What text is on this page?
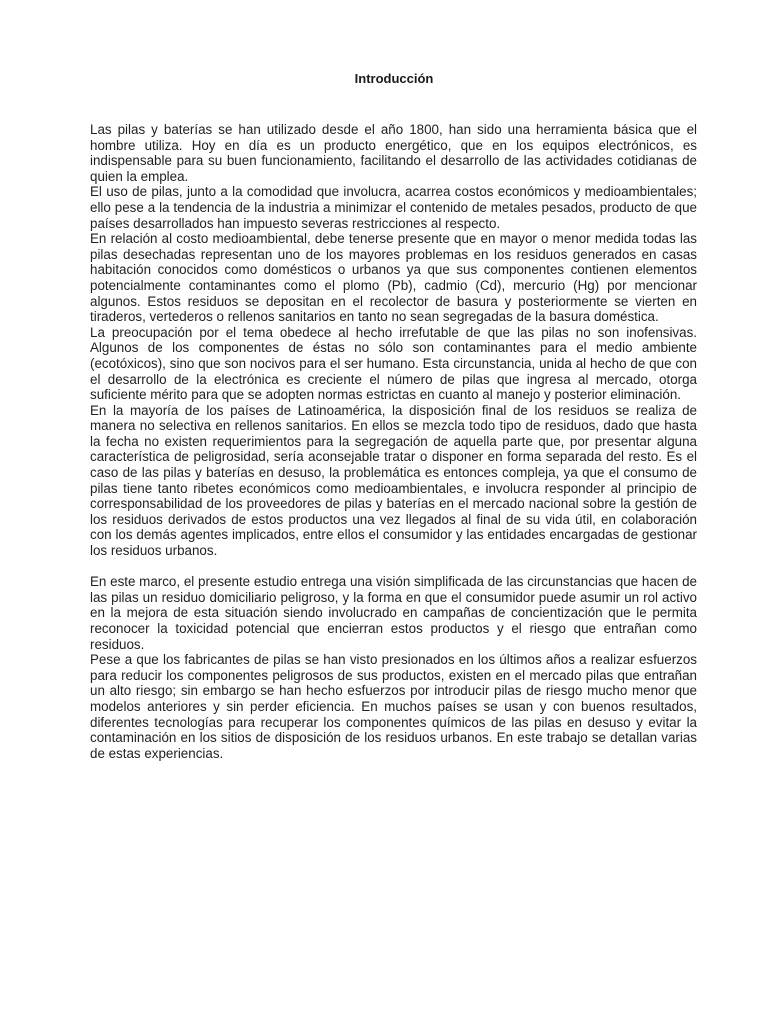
Introducción

Las pilas y baterías se han utilizado desde el año 1800, han sido una herramienta básica que el hombre utiliza. Hoy en día es un producto energético, que en los equipos electrónicos, es indispensable para su buen funcionamiento, facilitando el desarrollo de las actividades cotidianas de quien la emplea.

El uso de pilas, junto a la comodidad que involucra, acarrea costos económicos y medioambientales; ello pese a la tendencia de la industria a minimizar el contenido de metales pesados, producto de que países desarrollados han impuesto severas restricciones al respecto.

En relación al costo medioambiental, debe tenerse presente que en mayor o menor medida todas las pilas desechadas representan uno de los mayores problemas en los residuos generados en casas habitación conocidos como domésticos o urbanos ya que sus componentes contienen elementos potencialmente contaminantes como el plomo (Pb), cadmio (Cd), mercurio (Hg) por mencionar algunos. Estos residuos se depositan en el recolector de basura y posteriormente se vierten en tiraderos, vertederos o rellenos sanitarios en tanto no sean segregadas de la basura doméstica.

La preocupación por el tema obedece al hecho irrefutable de que las pilas no son inofensivas. Algunos de los componentes de éstas no sólo son contaminantes para el medio ambiente (ecotóxicos), sino que son nocivos para el ser humano. Esta circunstancia, unida al hecho de que con el desarrollo de la electrónica es creciente el número de pilas que ingresa al mercado, otorga suficiente mérito para que se adopten normas estrictas en cuanto al manejo y posterior eliminación.

En la mayoría de los países de Latinoamérica, la disposición final de los residuos se realiza de manera no selectiva en rellenos sanitarios. En ellos se mezcla todo tipo de residuos, dado que hasta la fecha no existen requerimientos para la segregación de aquella parte que, por presentar alguna característica de peligrosidad, sería aconsejable tratar o disponer en forma separada del resto. Es el caso de las pilas y baterías en desuso, la problemática es entonces compleja, ya que el consumo de pilas tiene tanto ribetes económicos como medioambientales, e involucra responder al principio de corresponsabilidad de los proveedores de pilas y baterías en el mercado nacional sobre la gestión de los residuos derivados de estos productos una vez llegados al final de su vida útil, en colaboración con los demás agentes implicados, entre ellos el consumidor y las entidades encargadas de gestionar los residuos urbanos.

En este marco, el presente estudio entrega una visión simplificada de las circunstancias que hacen de las pilas un residuo domiciliario peligroso, y la forma en que el consumidor puede asumir un rol activo en la mejora de esta situación siendo involucrado en campañas de concientización que le permita reconocer la toxicidad potencial que encierran estos productos y el riesgo que entrañan como residuos.

Pese a que los fabricantes de pilas se han visto presionados en los últimos años a realizar esfuerzos para reducir los componentes peligrosos de sus productos, existen en el mercado pilas que entrañan un alto riesgo; sin embargo se han hecho esfuerzos por introducir pilas de riesgo mucho menor que modelos anteriores y sin perder eficiencia. En muchos países se usan y con buenos resultados, diferentes tecnologías para recuperar los componentes químicos de las pilas en desuso y evitar la contaminación en los sitios de disposición de los residuos urbanos. En este trabajo se detallan varias de estas experiencias.
